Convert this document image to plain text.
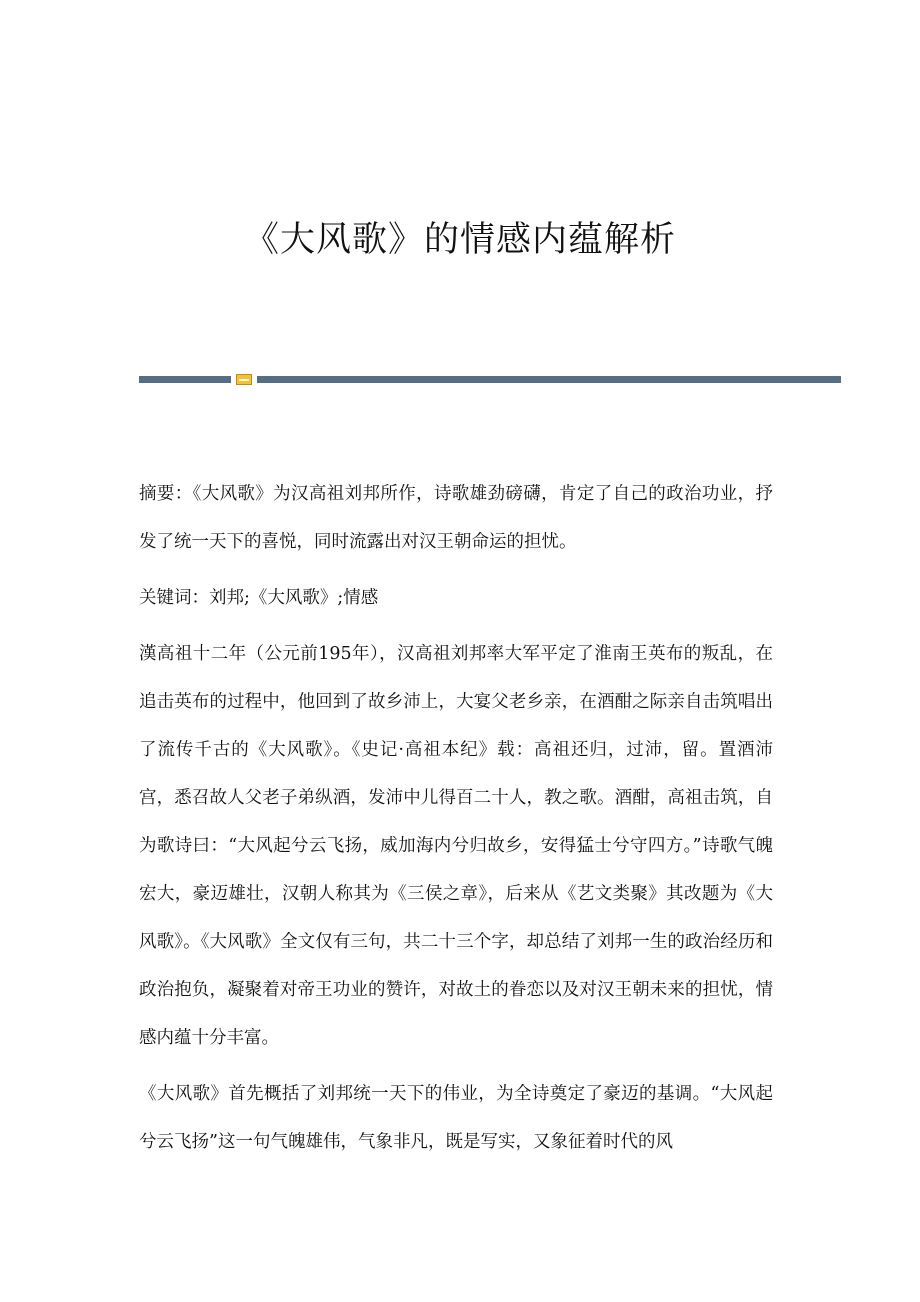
《大风歌》的情感内蕴解析

摘要：《大风歌》为汉高祖刘邦所作，诗歌雄劲磅礴，肯定了自己的政治功业，抒发了统一天下的喜悦，同时流露出对汉王朝命运的担忧。

关键词：刘邦;《大风歌》;情感

漢高祖十二年（公元前195年），汉高祖刘邦率大军平定了淮南王英布的叛乱，在追击英布的过程中，他回到了故乡沛上，大宴父老乡亲，在酒酣之际亲自击筑唱出了流传千古的《大风歌》。《史记·高祖本纪》载：高祖还归，过沛，留。置酒沛宫，悉召故人父老子弟纵酒，发沛中儿得百二十人，教之歌。酒酣，高祖击筑，自为歌诗曰：“大风起兮云飞扬，威加海内兮归故乡，安得猛士兮守四方。”诗歌气魄宏大，豪迈雄壮，汉朝人称其为《三侯之章》，后来从《艺文类聚》其改题为《大风歌》。《大风歌》全文仅有三句，共二十三个字，却总结了刘邦一生的政治经历和政治抱负，凝聚着对帝王功业的赞许，对故土的眷恋以及对汉王朝未来的担忧，情感内蕴十分丰富。

《大风歌》首先概括了刘邦统一天下的伟业，为全诗奠定了豪迈的基调。“大风起兮云飞扬”这一句气魄雄伟，气象非凡，既是写实，又象征着时代的风
